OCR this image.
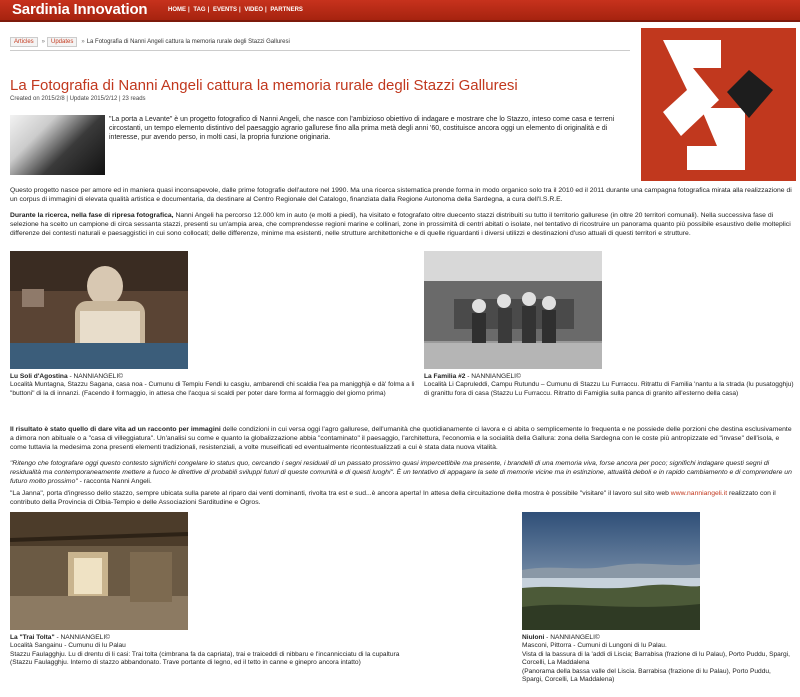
Sardinia Innovation	HOME | TAG | EVENTS | VIDEO | PARTNERS
Articles » Updates » La Fotografia di Nanni Angeli cattura la memoria rurale degli Stazzi Galluresi
La Fotografia di Nanni Angeli cattura la memoria rurale degli Stazzi Galluresi
Created on 2015/2/8 | Update 2015/2/12 | 23 reads
"La porta a Levante" è un progetto fotografico di Nanni Angeli, che nasce con l'ambizioso obiettivo di indagare e mostrare che lo Stazzo, inteso come casa e terreni circostanti, un tempo elemento distintivo del paesaggio agrario gallurese fino alla prima metà degli anni '60, costituisce ancora oggi un elemento di originalità e di interesse, pur avendo perso, in molti casi, la propria funzione originaria.
Questo progetto nasce per amore ed in maniera quasi inconsapevole, dalle prime fotografie dell'autore nel 1990. Ma una ricerca sistematica prende forma in modo organico solo tra il 2010 ed il 2011 durante una campagna fotografica mirata alla realizzazione di un corpus di immagini di elevata qualità artistica e documentaria, da destinare al Centro Regionale del Catalogo, finanziata dalla Regione Autonoma della Sardegna, a cura dell'I.S.R.E.
Durante la ricerca, nella fase di ripresa fotografica, Nanni Angeli ha percorso 12.000 km in auto (e molti a piedi), ha visitato e fotografato oltre duecento stazzi distribuiti su tutto il territorio gallurese (in oltre 20 territori comunali). Nella successiva fase di selezione ha scelto un campione di circa sessanta stazzi, presenti su un'ampia area, che comprendesse regioni marine e collinari, zone in prossimità di centri abitati o isolate, nel tentativo di ricostruire un panorama quanto più possibile esaustivo delle molteplici differenze dei contesti naturali e paesaggistici in cui sono collocati; delle differenze, minime ma esistenti, nelle strutture architettoniche e di quelle riguardanti i diversi utilizzi e destinazioni d'uso attuali di questi territori e strutture.
Lu Soli d'Agostina - NANNIANGELI©
Località Muntagna, Stazzu Sagana, casa noa - Cumunu di Tempiu Fendi lu casgiu, ambarendi chi scaldia l'ea pa manigghjà e dà' folma a li "buttoni" di la di innanzi. (Facendo il formaggio, in attesa che l'acqua si scaldi per poter dare forma al formaggio del giorno prima)
La Familia #2 - NANNIANGELI©
Località Li Capruleddi, Campu Rutundu – Cumunu di Stazzu Lu Furraccu. Ritrattu di Familia 'nantu a la strada (lu pusatogghju) di granittu fora di casa (Stazzu Lu Furraccu. Ritratto di Famiglia sulla panca di granito all'esterno della casa)
Il risultato è stato quello di dare vita ad un racconto per immagini delle condizioni in cui versa oggi l'agro gallurese, dell'umanità che quotidianamente ci lavora e ci abita o semplicemente lo frequenta e ne possiede delle porzioni che destina esclusivamente a dimora non abituale o a "casa di villeggiatura". Un'analisi su come e quanto la globalizzazione abbia "contaminato" il paesaggio, l'architettura, l'economia e la socialità della Gallura: zona della Sardegna con le coste più antropizzate ed "invase" dell'isola, e come tuttavia la medesima zona presenti elementi tradizionali, resistenziali, a volte museificati ed eventualmente ricontestualizzati a cui è stata data nuova vitalità.
"Ritengo che fotografare oggi questo contesto significhi congelare lo status quo, cercando i segni residuali di un passato prossimo quasi impercettibile ma presente, i brandelli di una memoria viva, forse ancora per poco; significhi indagare questi segni di residualità ma contemporaneamente mettere a fuoco le direttive di probabili sviluppi futuri di queste comunità e di questi luoghi". È un tentativo di appagare la sete di memorie vicine ma in estinzione, attualità deboli e in rapido cambiamento e di comprendere un futuro molto prossimo" - racconta Nanni Angeli.
"La Janna", porta d'ingresso dello stazzo, sempre ubicata sulla parete al riparo dai venti dominanti, rivolta tra est e sud...è ancora aperta! In attesa della circuitazione della mostra è possibile "visitare" il lavoro sul sito web www.nanniangeli.it realizzato con il contributo della Provincia di Olbia-Tempio e delle Associazioni Sarditudine e Ogros.
La "Trai Tolta" - NANNIANGELI©
Località Sangainu - Cumunu di lu Palau
Stazzu Faulagghju. Lu di drentu di li casi: Trai tolta (cimbrana fa da capriata), trai e traiceddi di nibbaru e l'incannicciatu di la cupaltura (Stazzu Faulagghju. Interno di stazzo abbandonato. Trave portante di legno, ed il tetto in canne e ginepro ancora intatto)
Niuloni - NANNIANGELI©
Masconi, Pittorra - Cumuni di Lungoni di lu Palau.
Vista di la bassura di la 'addi di Liscia; Barrabisa (frazione di lu Palau), Porto Puddu, Spargi, Corcelli, La Maddalena
(Panorama della bassa valle del Liscia. Barrabisa (frazione di lu Palau), Porto Puddu, Spargi, Corcelli, La Maddalena)
